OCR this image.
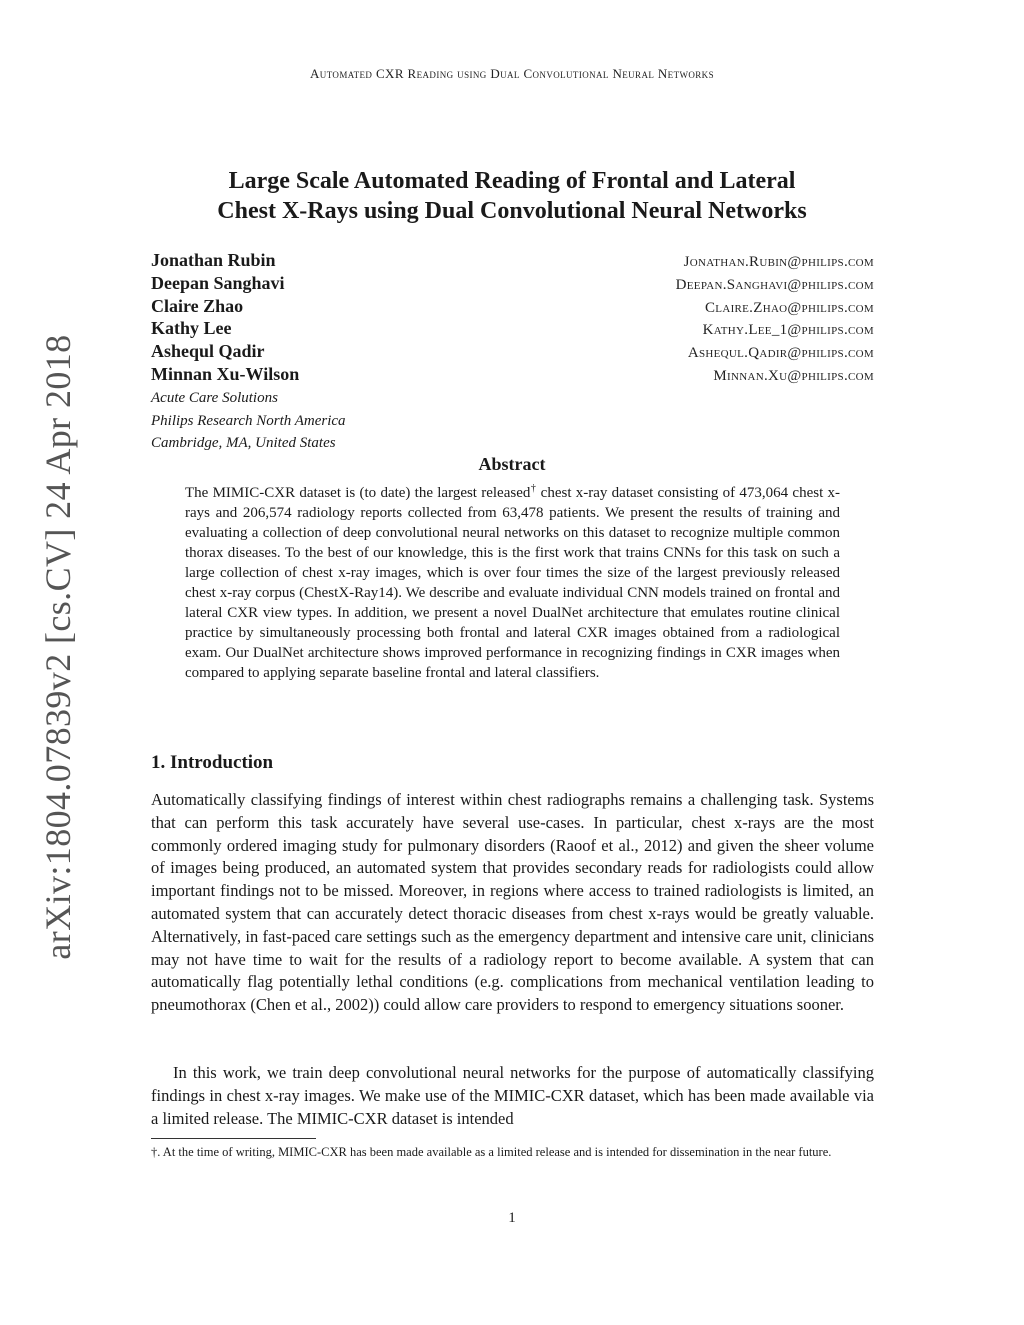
Automated CXR Reading using Dual Convolutional Neural Networks
arXiv:1804.07839v2 [cs.CV] 24 Apr 2018
Large Scale Automated Reading of Frontal and Lateral
Chest X-Rays using Dual Convolutional Neural Networks
Jonathan Rubin	Jonathan.Rubin@philips.com
Deepan Sanghavi	Deepan.Sanghavi@philips.com
Claire Zhao	Claire.Zhao@philips.com
Kathy Lee	Kathy.Lee_1@philips.com
Ashequl Qadir	Ashequl.Qadir@philips.com
Minnan Xu-Wilson	Minnan.Xu@philips.com
Acute Care Solutions
Philips Research North America
Cambridge, MA, United States
Abstract

The MIMIC-CXR dataset is (to date) the largest released† chest x-ray dataset consisting of 473,064 chest x-rays and 206,574 radiology reports collected from 63,478 patients. We present the results of training and evaluating a collection of deep convolutional neural networks on this dataset to recognize multiple common thorax diseases. To the best of our knowledge, this is the first work that trains CNNs for this task on such a large collection of chest x-ray images, which is over four times the size of the largest previously released chest x-ray corpus (ChestX-Ray14). We describe and evaluate individual CNN models trained on frontal and lateral CXR view types. In addition, we present a novel DualNet architecture that emulates routine clinical practice by simultaneously processing both frontal and lateral CXR images obtained from a radiological exam. Our DualNet architecture shows improved performance in recognizing findings in CXR images when compared to applying separate baseline frontal and lateral classifiers.

1. Introduction

Automatically classifying findings of interest within chest radiographs remains a challenging task. Systems that can perform this task accurately have several use-cases. In particular, chest x-rays are the most commonly ordered imaging study for pulmonary disorders (Raoof et al., 2012) and given the sheer volume of images being produced, an automated system that provides secondary reads for radiologists could allow important findings not to be missed. Moreover, in regions where access to trained radiologists is limited, an automated system that can accurately detect thoracic diseases from chest x-rays would be greatly valuable. Alternatively, in fast-paced care settings such as the emergency department and intensive care unit, clinicians may not have time to wait for the results of a radiology report to become available. A system that can automatically flag potentially lethal conditions (e.g. complications from mechanical ventilation leading to pneumothorax (Chen et al., 2002)) could allow care providers to respond to emergency situations sooner.

In this work, we train deep convolutional neural networks for the purpose of automatically classifying findings in chest x-ray images. We make use of the MIMIC-CXR dataset, which has been made available via a limited release. The MIMIC-CXR dataset is intended

†. At the time of writing, MIMIC-CXR has been made available as a limited release and is intended for dissemination in the near future.

1
